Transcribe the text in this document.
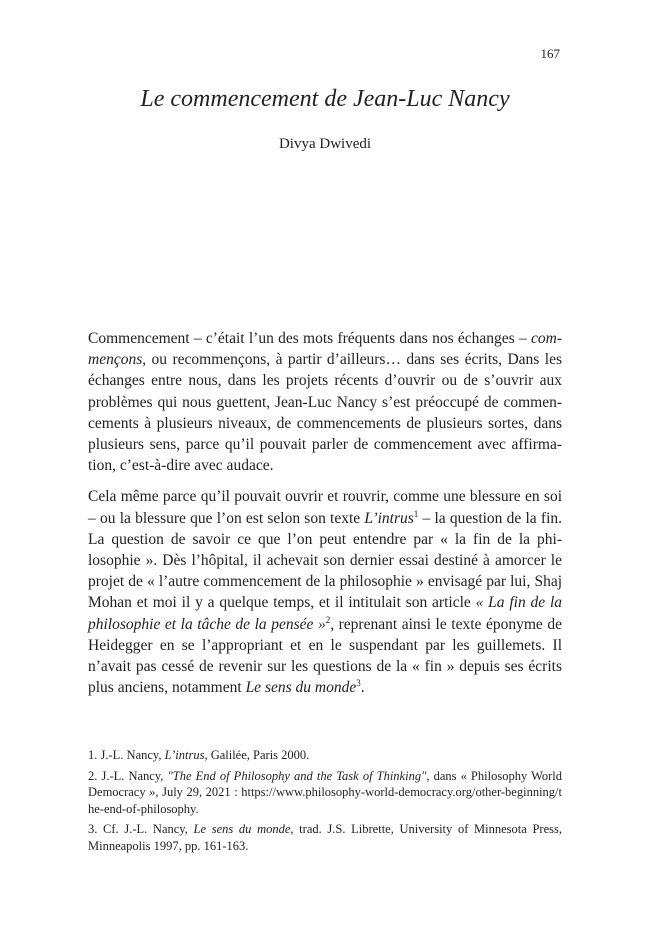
167
Le commencement de Jean-Luc Nancy
Divya Dwivedi

Commencement – c’était l’un des mots fréquents dans nos échanges – commençons, ou recommençons, à partir d’ailleurs… dans ses écrits, Dans les échanges entre nous, dans les projets récents d’ouvrir ou de s’ouvrir aux problèmes qui nous guettent, Jean-Luc Nancy s’est préoccupé de commencements à plusieurs niveaux, de commencements de plusieurs sortes, dans plusieurs sens, parce qu’il pouvait parler de commencement avec affirmation, c’est-à-dire avec audace.

Cela même parce qu’il pouvait ouvrir et rouvrir, comme une blessure en soi – ou la blessure que l’on est selon son texte L’intrus$^1$ – la question de la fin. La question de savoir ce que l’on peut entendre par « la fin de la philosophie ». Dès l’hôpital, il achevait son dernier essai destiné à amorcer le projet de « l’autre commencement de la philosophie » envisagé par lui, Shaj Mohan et moi il y a quelque temps, et il intitulait son article « La fin de la philosophie et la tâche de la pensée »$^2$, reprenant ainsi le texte éponyme de Heidegger en se l’appropriant et en le suspendant par les guillemets. Il n’avait pas cessé de revenir sur les questions de la « fin » depuis ses écrits plus anciens, notamment Le sens du monde$^3$.

1. J.-L. Nancy, L’intrus, Galilée, Paris 2000.

2. J.-L. Nancy, "The End of Philosophy and the Task of Thinking", dans « Philosophy World Democracy », July 29, 2021 : https://www.philosophy-world-democracy.org/other-beginning/the-end-of-philosophy.

3. Cf. J.-L. Nancy, Le sens du monde, trad. J.S. Librette, University of Minnesota Press, Minneapolis 1997, pp. 161-163.
